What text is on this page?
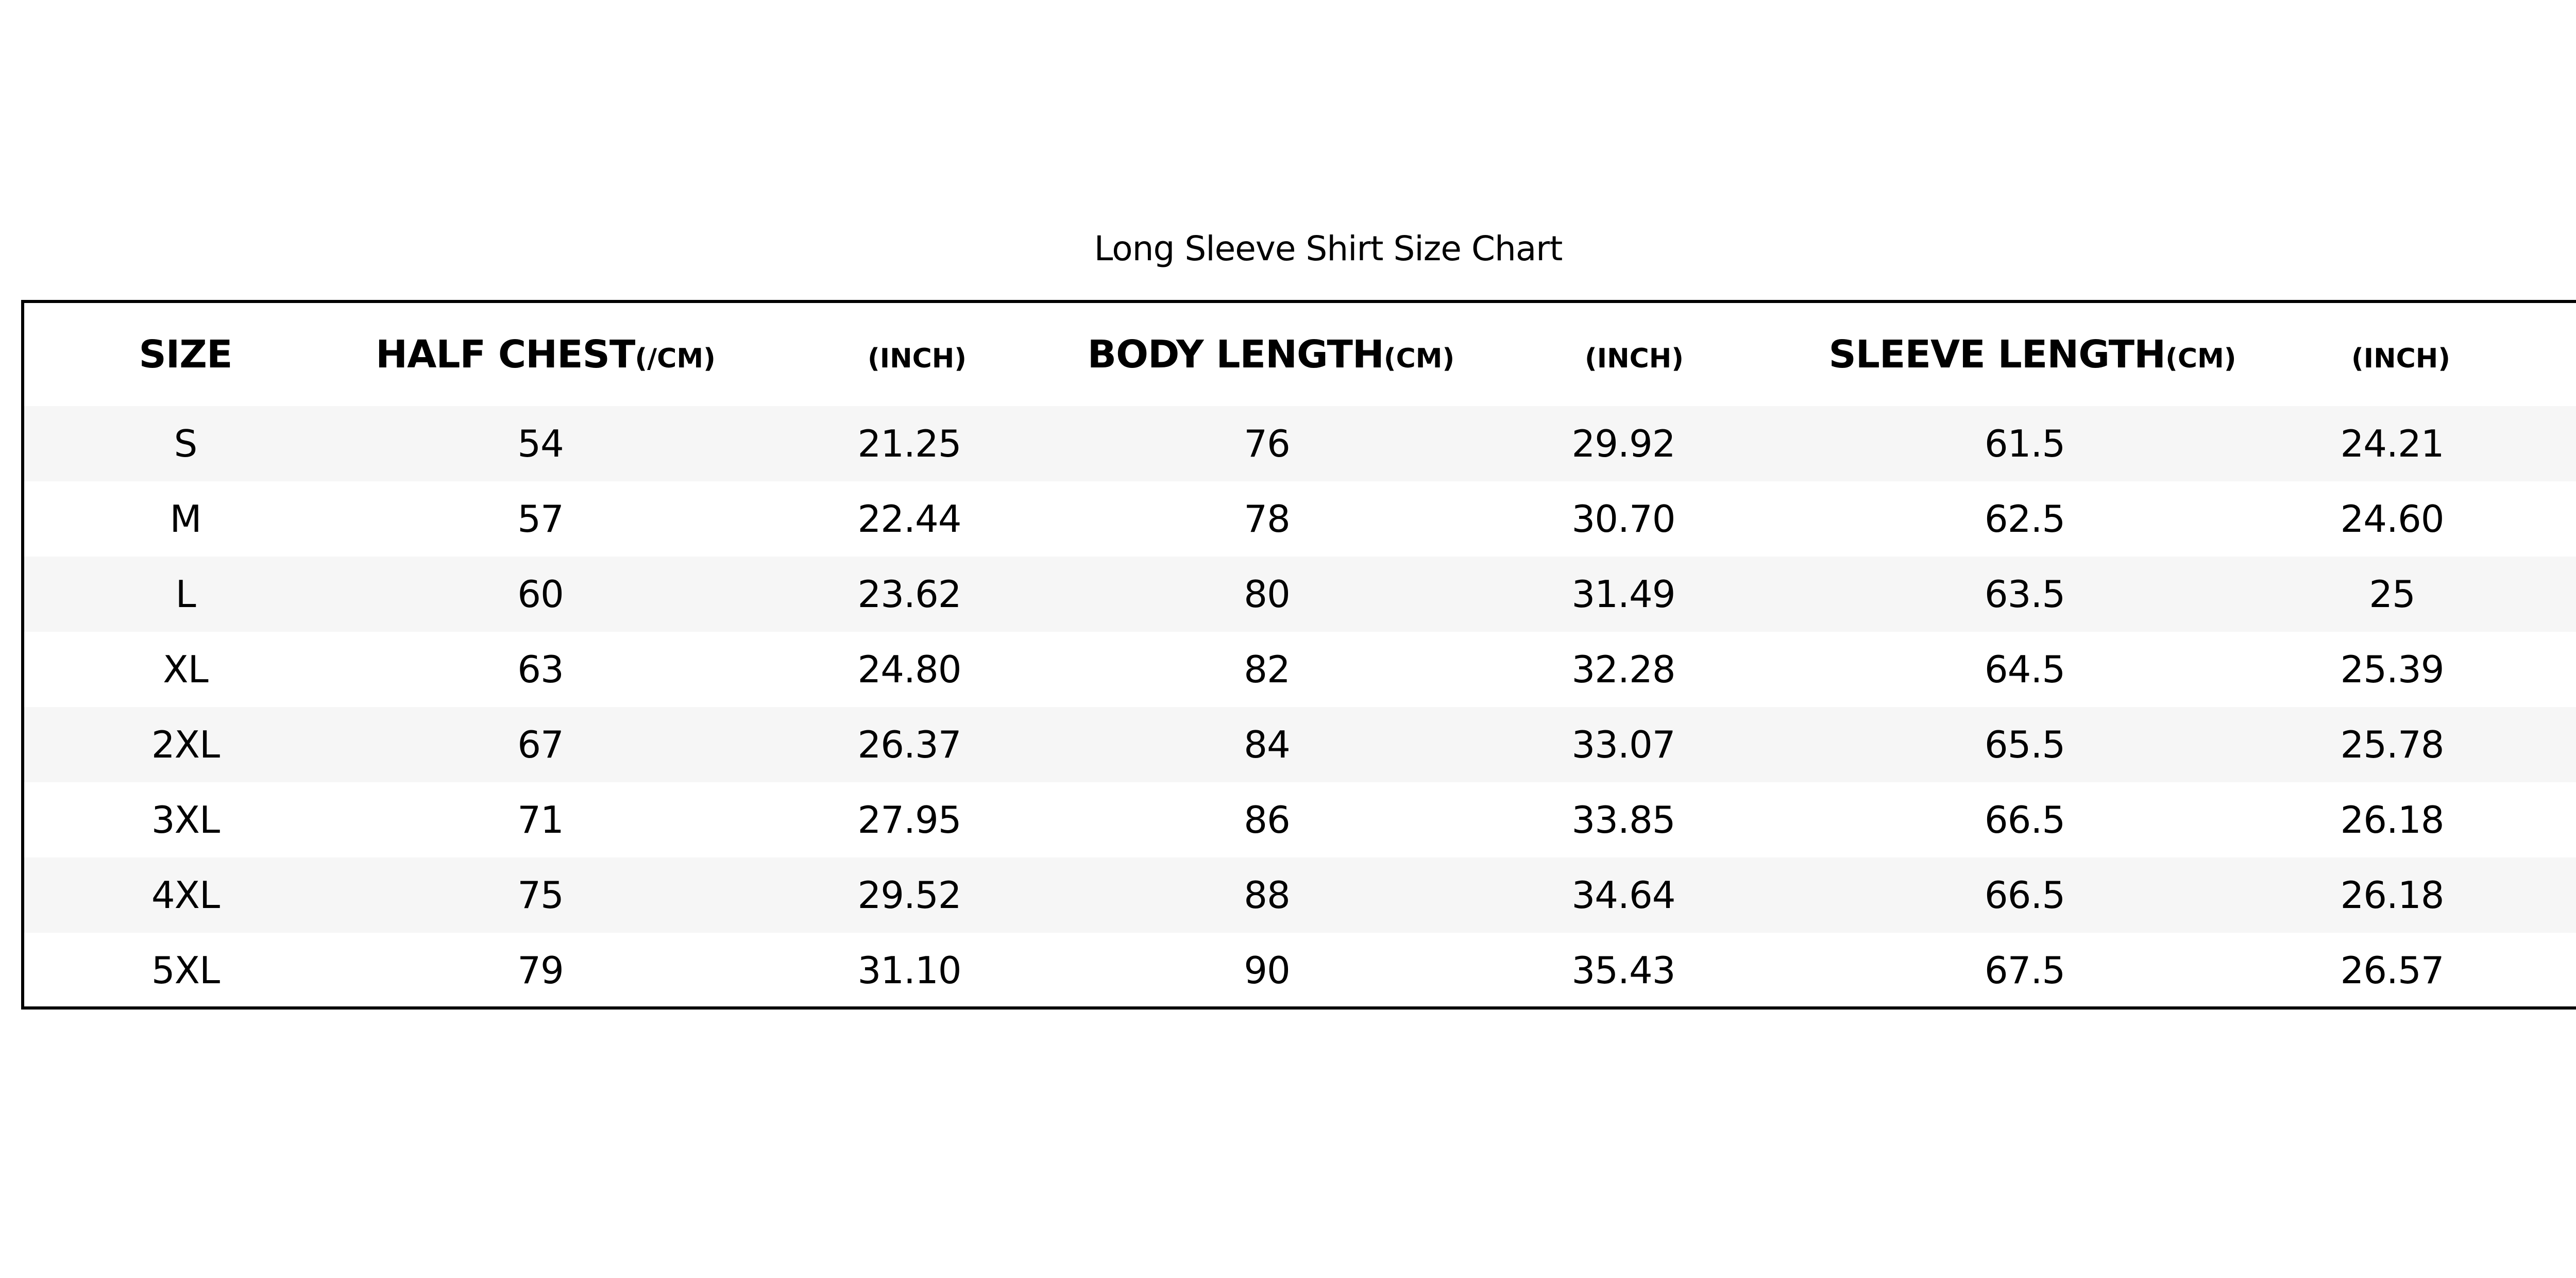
Long Sleeve Shirt Size Chart
SIZE	HALF CHEST(/CM)	(INCH)	BODY LENGTH(CM)	(INCH)	SLEEVE LENGTH(CM)	(INCH)
S	54	21.25	76	29.92	61.5	24.21
M	57	22.44	78	30.70	62.5	24.60
L	60	23.62	80	31.49	63.5	25
XL	63	24.80	82	32.28	64.5	25.39
2XL	67	26.37	84	33.07	65.5	25.78
3XL	71	27.95	86	33.85	66.5	26.18
4XL	75	29.52	88	34.64	66.5	26.18
5XL	79	31.10	90	35.43	67.5	26.57
